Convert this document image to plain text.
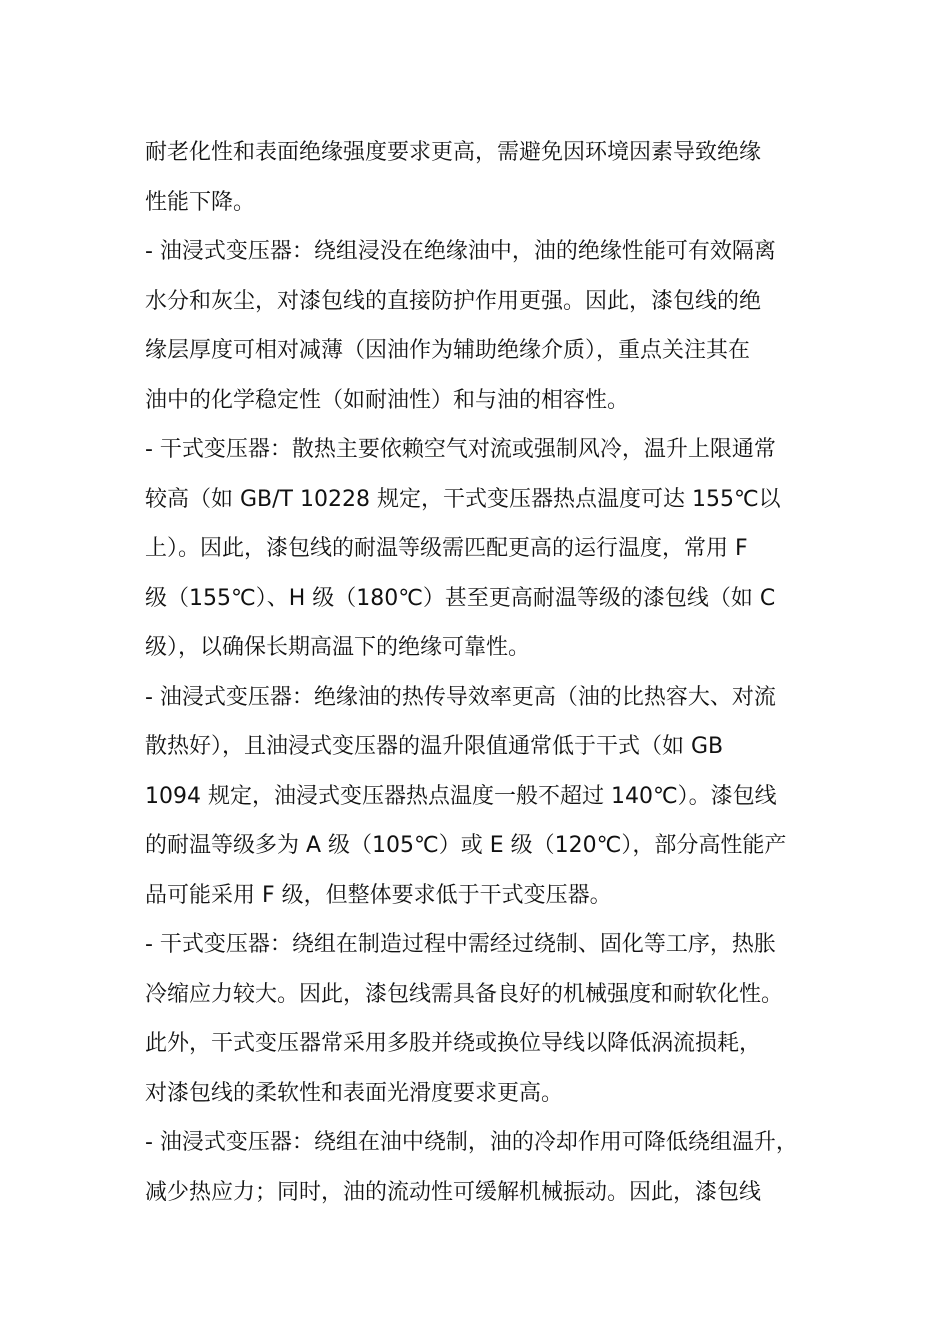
耐老化性和表面绝缘强度要求更高，需避免因环境因素导致绝缘
性能下降。
- 油浸式变压器：绕组浸没在绝缘油中，油的绝缘性能可有效隔离
水分和灰尘，对漆包线的直接防护作用更强。因此，漆包线的绝
缘层厚度可相对减薄（因油作为辅助绝缘介质），重点关注其在
油中的化学稳定性（如耐油性）和与油的相容性。
- 干式变压器：散热主要依赖空气对流或强制风冷，温升上限通常
较高（如 GB/T 10228 规定，干式变压器热点温度可达 155℃以
上）。因此，漆包线的耐温等级需匹配更高的运行温度，常用 F
级（155℃）、H 级（180℃）甚至更高耐温等级的漆包线（如 C
级），以确保长期高温下的绝缘可靠性。
- 油浸式变压器：绝缘油的热传导效率更高（油的比热容大、对流
散热好），且油浸式变压器的温升限值通常低于干式（如 GB
1094 规定，油浸式变压器热点温度一般不超过 140℃）。漆包线
的耐温等级多为 A 级（105℃）或 E 级（120℃），部分高性能产
品可能采用 F 级，但整体要求低于干式变压器。
- 干式变压器：绕组在制造过程中需经过绕制、固化等工序，热胀
冷缩应力较大。因此，漆包线需具备良好的机械强度和耐软化性。
此外，干式变压器常采用多股并绕或换位导线以降低涡流损耗，
对漆包线的柔软性和表面光滑度要求更高。
- 油浸式变压器：绕组在油中绕制，油的冷却作用可降低绕组温升，
减少热应力；同时，油的流动性可缓解机械振动。因此，漆包线
